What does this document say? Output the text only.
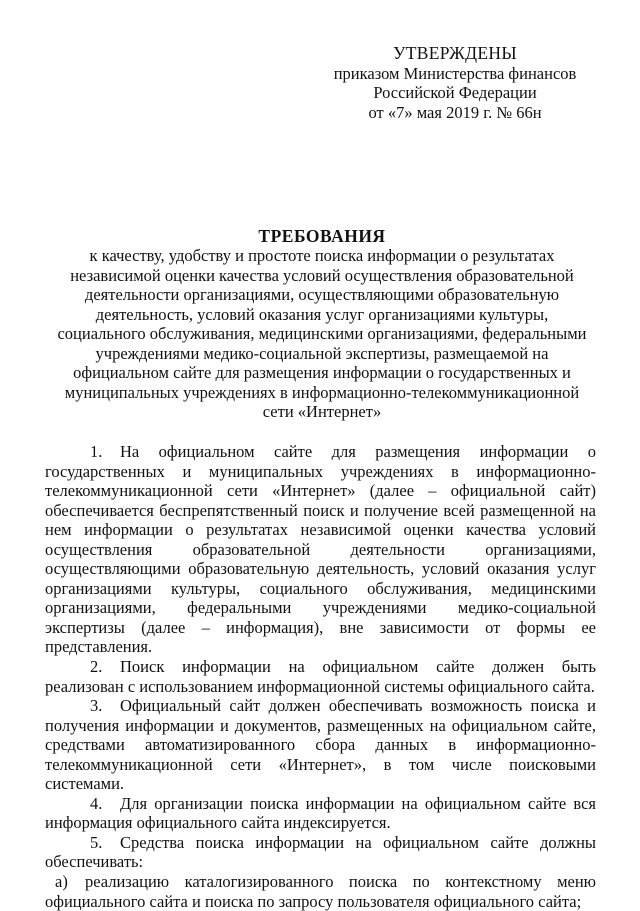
УТВЕРЖДЕНЫ
приказом Министерства финансов
Российской Федерации
от «7» мая 2019 г. № 66н
ТРЕБОВАНИЯ
к качеству, удобству и простоте поиска информации о результатах независимой оценки качества условий осуществления образовательной деятельности организациями, осуществляющими образовательную деятельность, условий оказания услуг организациями культуры, социального обслуживания, медицинскими организациями, федеральными учреждениями медико-социальной экспертизы, размещаемой на официальном сайте для размещения информации о государственных и муниципальных учреждениях в информационно-телекоммуникационной сети «Интернет»

1. На официальном сайте для размещения информации о государственных и муниципальных учреждениях в информационно-телекоммуникационной сети «Интернет» (далее – официальной сайт) обеспечивается беспрепятственный поиск и получение всей размещенной на нем информации о результатах независимой оценки качества условий осуществления образовательной деятельности организациями, осуществляющими образовательную деятельность, условий оказания услуг организациями культуры, социального обслуживания, медицинскими организациями, федеральными учреждениями медико-социальной экспертизы (далее – информация), вне зависимости от формы ее представления.

2. Поиск информации на официальном сайте должен быть реализован с использованием информационной системы официального сайта.

3. Официальный сайт должен обеспечивать возможность поиска и получения информации и документов, размещенных на официальном сайте, средствами автоматизированного сбора данных в информационно-телекоммуникационной сети «Интернет», в том числе поисковыми системами.

4. Для организации поиска информации на официальном сайте вся информация официального сайта индексируется.

5. Средства поиска информации на официальном сайте должны обеспечивать:

а) реализацию каталогизированного поиска по контекстному меню официального сайта и поиска по запросу пользователя официального сайта;
